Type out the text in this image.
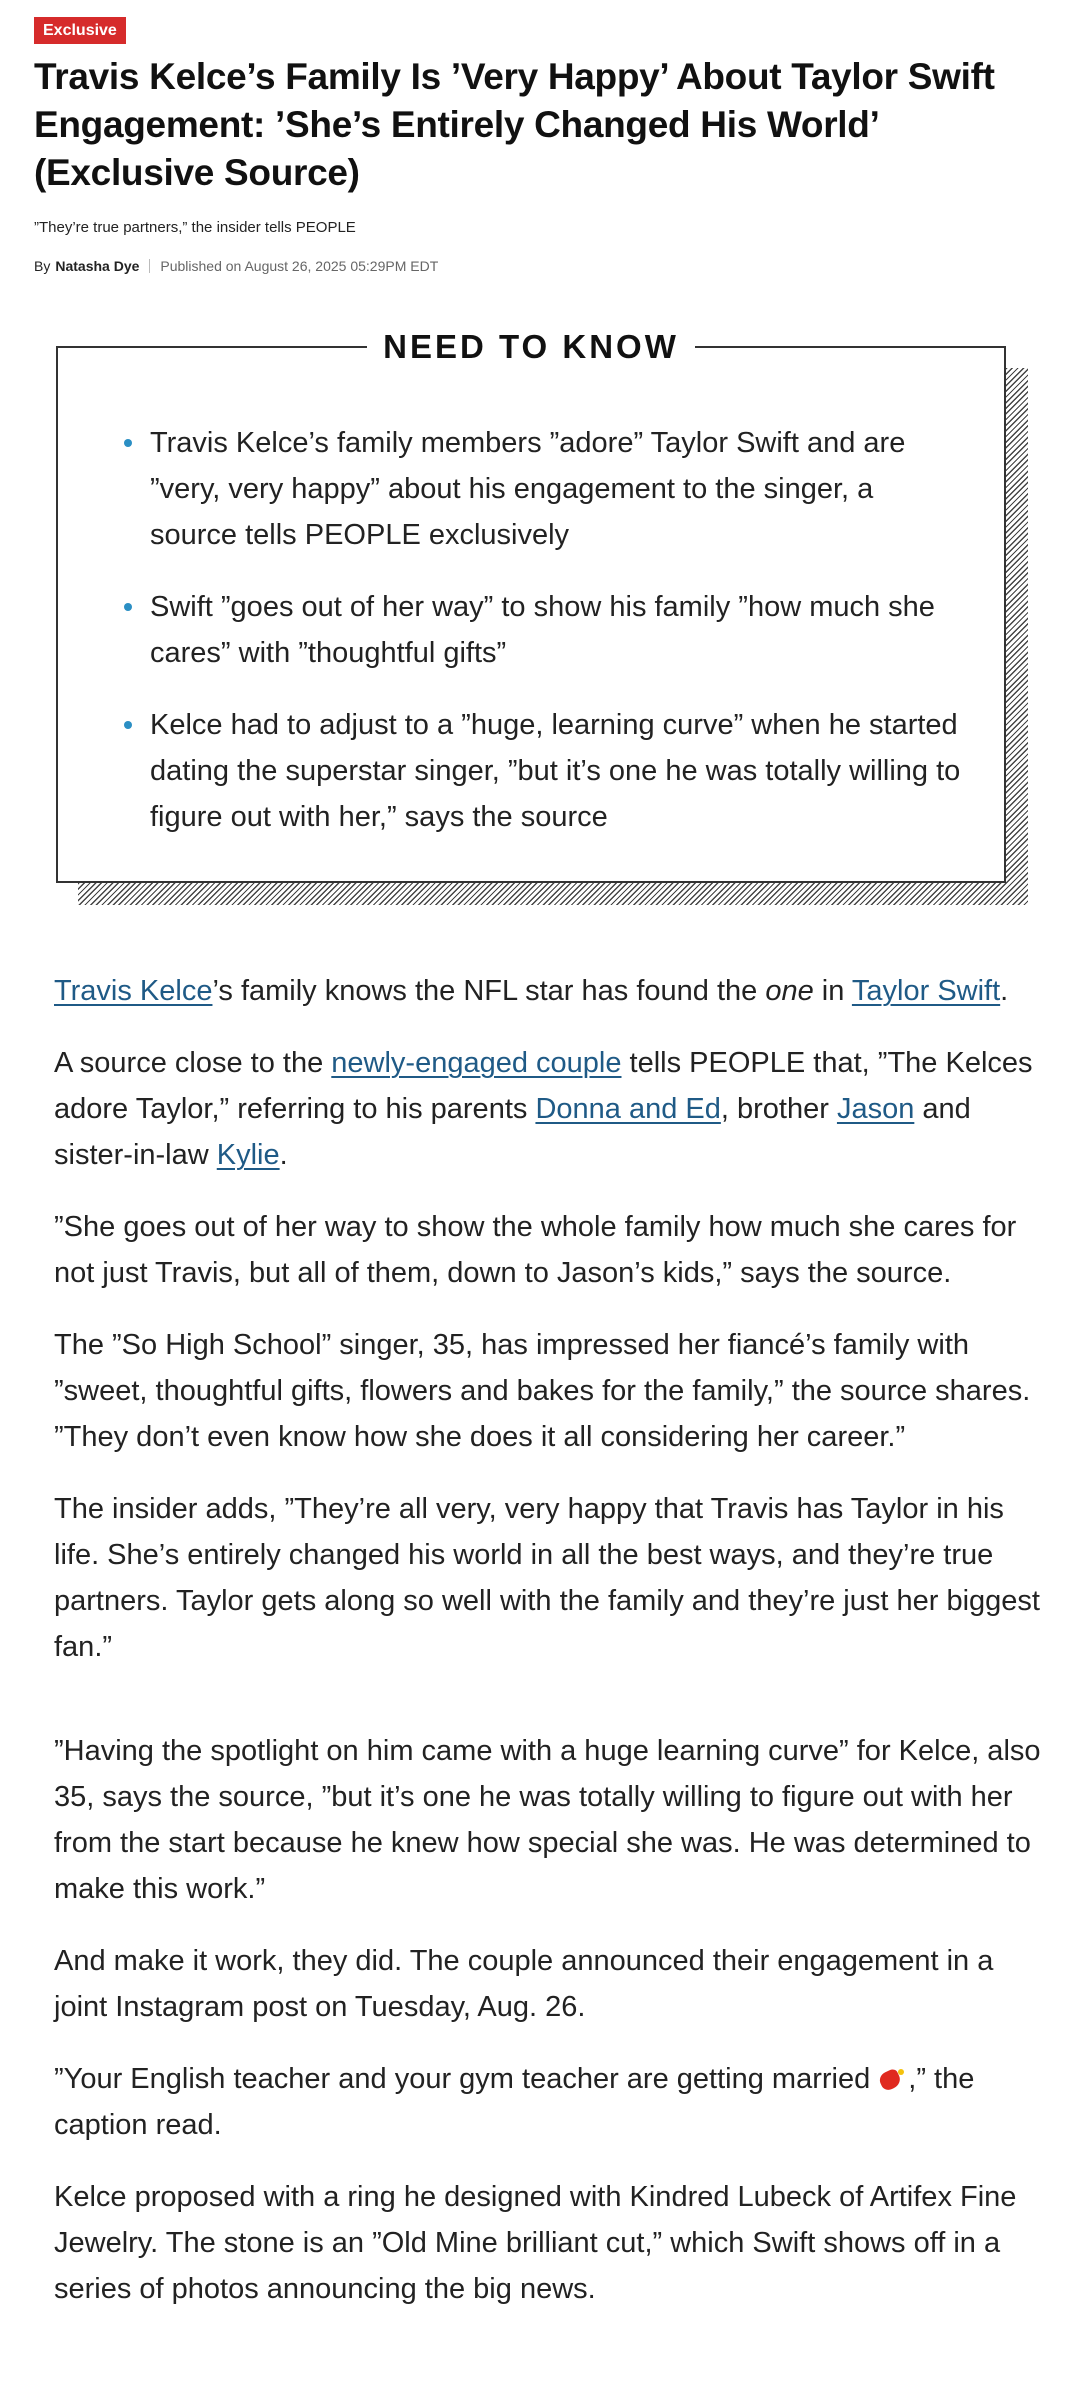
Exclusive
Travis Kelce’s Family Is ’Very Happy’ About Taylor Swift Engagement: ’She’s Entirely Changed His World’ (Exclusive Source)
”They’re true partners,” the insider tells PEOPLE
By Natasha Dye Published on August 26, 2025 05:29PM EDT
NEED TO KNOW
Travis Kelce’s family members ”adore” Taylor Swift and are ”very, very happy” about his engagement to the singer, a source tells PEOPLE exclusively
Swift ”goes out of her way” to show his family ”how much she cares” with ”thoughtful gifts”
Kelce had to adjust to a ”huge, learning curve” when he started dating the superstar singer, ”but it’s one he was totally willing to figure out with her,” says the source

Travis Kelce’s family knows the NFL star has found the one in Taylor Swift.

A source close to the newly-engaged couple tells PEOPLE that, ”The Kelces adore Taylor,” referring to his parents Donna and Ed, brother Jason and sister-in-law Kylie.

”She goes out of her way to show the whole family how much she cares for not just Travis, but all of them, down to Jason’s kids,” says the source.

The ”So High School” singer, 35, has impressed her fiancé’s family with ”sweet, thoughtful gifts, flowers and bakes for the family,” the source shares. ”They don’t even know how she does it all considering her career.”

The insider adds, ”They’re all very, very happy that Travis has Taylor in his life. She’s entirely changed his world in all the best ways, and they’re true partners. Taylor gets along so well with the family and they’re just her biggest fan.”

”Having the spotlight on him came with a huge learning curve” for Kelce, also 35, says the source, ”but it’s one he was totally willing to figure out with her from the start because he knew how special she was. He was determined to make this work.”

And make it work, they did. The couple announced their engagement in a joint Instagram post on Tuesday, Aug. 26.

”Your English teacher and your gym teacher are getting married
,” the caption read.

Kelce proposed with a ring he designed with Kindred Lubeck of Artifex Fine Jewelry. The stone is an ”Old Mine brilliant cut,” which Swift shows off in a series of photos announcing the big news.
